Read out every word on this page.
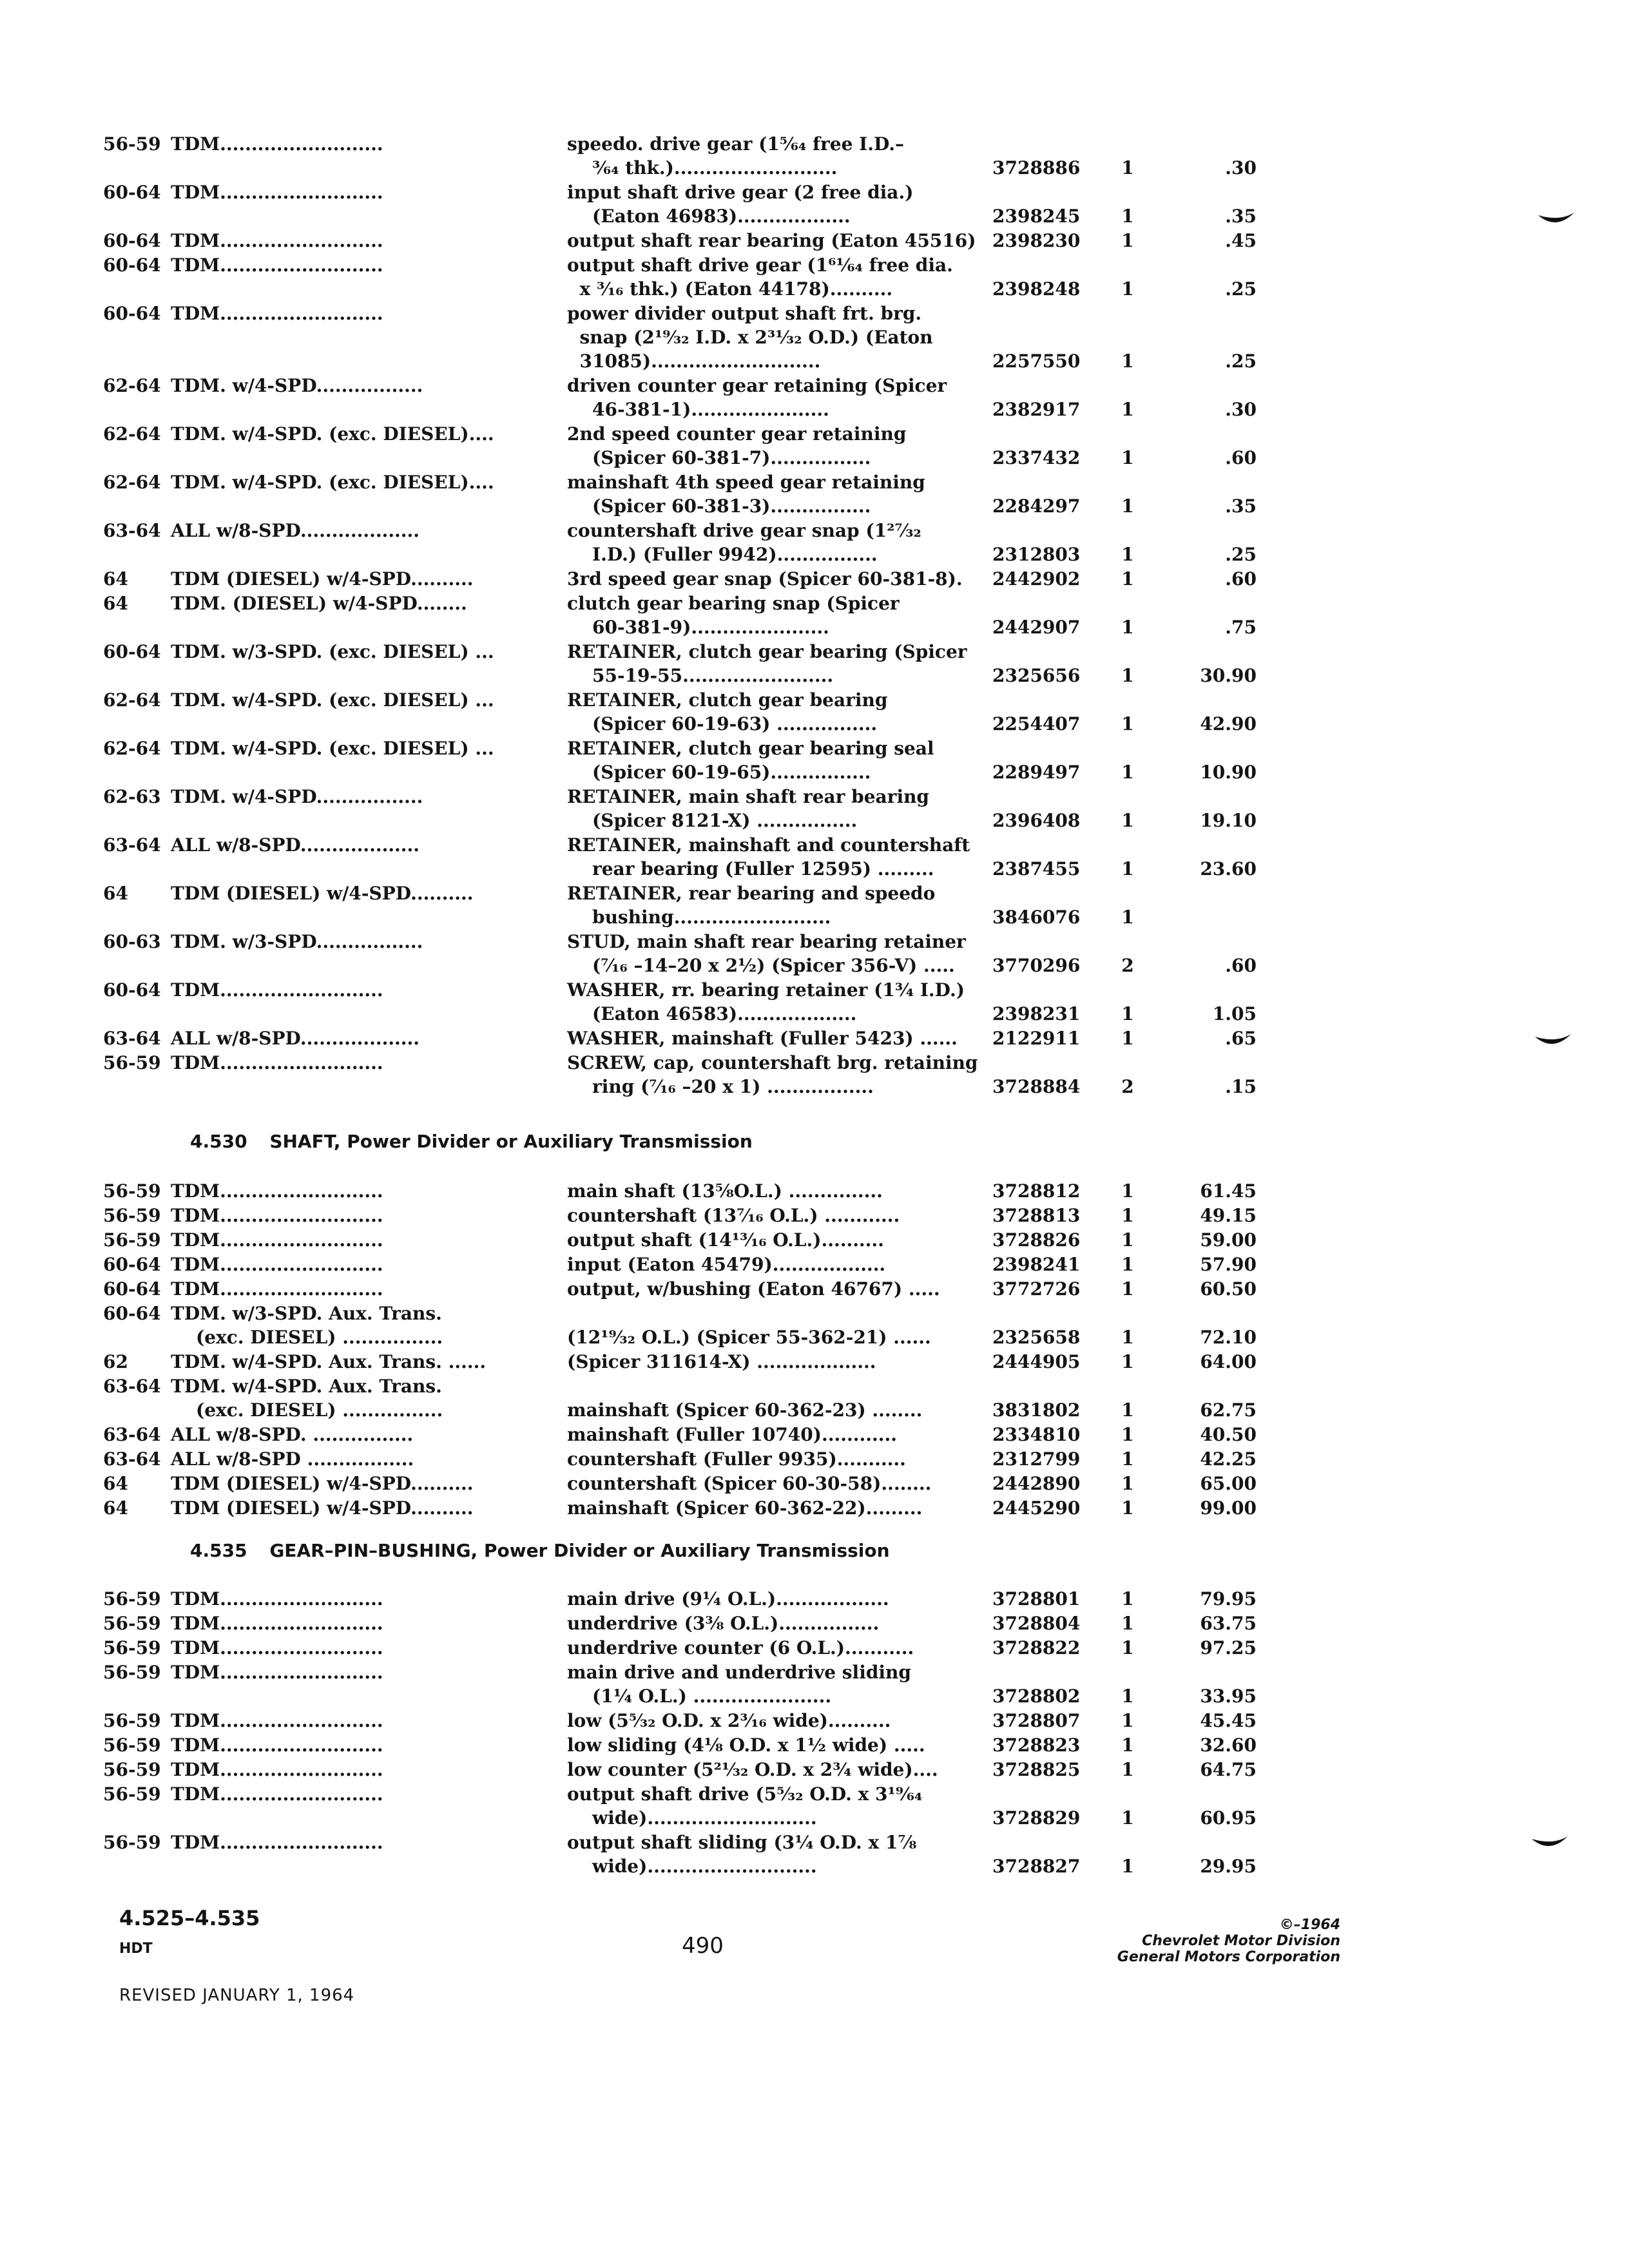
56-59 TDM..........................	speedo. drive gear (1⁵⁄₆₄ free I.D.–
³⁄₆₄ thk.)..........................	3728886	1	.30
60-64 TDM..........................	input shaft drive gear (2 free dia.)
(Eaton 46983)..................	2398245	1	.35
60-64 TDM..........................	output shaft rear bearing (Eaton 45516) 2398230	1	.45
60-64 TDM..........................	output shaft drive gear (1⁶¹⁄₆₄ free dia.
x ³⁄₁₆ thk.) (Eaton 44178)..........	2398248	1	.25
60-64 TDM..........................	power divider output shaft frt. brg.
snap (2¹⁹⁄₃₂ I.D. x 2³¹⁄₃₂ O.D.) (Eaton
31085)...........................	2257550	1	.25
62-64 TDM. w/4-SPD.................	driven counter gear retaining (Spicer
46-381-1)......................	2382917	1	.30
62-64 TDM. w/4-SPD. (exc. DIESEL)....	2nd speed counter gear retaining
(Spicer 60-381-7)................	2337432	1	.60
62-64 TDM. w/4-SPD. (exc. DIESEL)....	mainshaft 4th speed gear retaining
(Spicer 60-381-3)................	2284297	1	.35
63-64 ALL w/8-SPD...................	countershaft drive gear snap (1²⁷⁄₃₂
I.D.) (Fuller 9942)................	2312803	1	.25
64	TDM (DIESEL) w/4-SPD..........	3rd speed gear snap (Spicer 60-381-8).	2442902	1	.60
64	TDM. (DIESEL) w/4-SPD........	clutch gear bearing snap (Spicer
60-381-9)......................	2442907	1	.75
60-64 TDM. w/3-SPD. (exc. DIESEL) ...	RETAINER, clutch gear bearing (Spicer
55-19-55........................	2325656	1	30.90
62-64 TDM. w/4-SPD. (exc. DIESEL) ...	RETAINER, clutch gear bearing
(Spicer 60-19-63) ................	2254407	1	42.90
62-64 TDM. w/4-SPD. (exc. DIESEL) ...	RETAINER, clutch gear bearing seal
(Spicer 60-19-65)................	2289497	1	10.90
62-63 TDM. w/4-SPD.................	RETAINER, main shaft rear bearing
(Spicer 8121-X) ................	2396408	1	19.10
63-64 ALL w/8-SPD...................	RETAINER, mainshaft and countershaft
rear bearing (Fuller 12595) .........	2387455	1	23.60
64	TDM (DIESEL) w/4-SPD..........	RETAINER, rear bearing and speedo
bushing.........................	3846076	1
60-63 TDM. w/3-SPD.................	STUD, main shaft rear bearing retainer
(⁷⁄₁₆ –14–20 x 2½) (Spicer 356-V) .....	3770296	2	.60
60-64 TDM..........................	WASHER, rr. bearing retainer (1¾ I.D.)
(Eaton 46583)...................	2398231	1	1.05
63-64 ALL w/8-SPD...................	WASHER, mainshaft (Fuller 5423) ......	2122911	1	.65
56-59 TDM..........................	SCREW, cap, countershaft brg. retaining
ring (⁷⁄₁₆ –20 x 1) .................	3728884	2	.15
4.530 SHAFT, Power Divider or Auxiliary Transmission
56-59 TDM..........................	main shaft (13⅝O.L.) ...............	3728812	1	61.45
56-59 TDM..........................	countershaft (13⁷⁄₁₆ O.L.) ............	3728813	1	49.15
56-59 TDM..........................	output shaft (14¹³⁄₁₆ O.L.)..........	3728826	1	59.00
60-64 TDM..........................	input (Eaton 45479)..................	2398241	1	57.90
60-64 TDM..........................	output, w/bushing (Eaton 46767) .....	3772726	1	60.50
60-64 TDM. w/3-SPD. Aux. Trans.
(exc. DIESEL) ................
	(12¹⁹⁄₃₂ O.L.) (Spicer 55-362-21) ......	2325658	1	72.10
62	TDM. w/4-SPD. Aux. Trans. ......	(Spicer 311614-X) ...................	2444905	1	64.00
63-64 TDM. w/4-SPD. Aux. Trans.
(exc. DIESEL) ................
	mainshaft (Spicer 60-362-23) ........	3831802	1	62.75
63-64 ALL w/8-SPD. ................	mainshaft (Fuller 10740)............	2334810	1	40.50
63-64 ALL w/8-SPD .................	countershaft (Fuller 9935)...........	2312799	1	42.25
64	TDM (DIESEL) w/4-SPD..........	countershaft (Spicer 60-30-58)........	2442890	1	65.00
64	TDM (DIESEL) w/4-SPD..........	mainshaft (Spicer 60-362-22).........	2445290	1	99.00
4.535 GEAR–PIN–BUSHING, Power Divider or Auxiliary Transmission
56-59 TDM..........................	main drive (9¼ O.L.)..................	3728801	1	79.95
56-59 TDM..........................	underdrive (3⅜ O.L.)................	3728804	1	63.75
56-59 TDM..........................	underdrive counter (6 O.L.)...........	3728822	1	97.25
56-59 TDM..........................	main drive and underdrive sliding
(1¼ O.L.) ......................	3728802	1	33.95
56-59 TDM..........................	low (5⁵⁄₃₂ O.D. x 2³⁄₁₆ wide)..........	3728807	1	45.45
56-59 TDM..........................	low sliding (4⅛ O.D. x 1½ wide) .....	3728823	1	32.60
56-59 TDM..........................	low counter (5²¹⁄₃₂ O.D. x 2¾ wide)....	3728825	1	64.75
56-59 TDM..........................	output shaft drive (5⁵⁄₃₂ O.D. x 3¹⁹⁄₆₄
wide)...........................	3728829	1	60.95
56-59 TDM..........................	output shaft sliding (3¼ O.D. x 1⅞
wide)...........................	3728827	1	29.95
4.525–4.535
HDT
REVISED JANUARY 1, 1964
490
©–1964
Chevrolet Motor Division
General Motors Corporation
